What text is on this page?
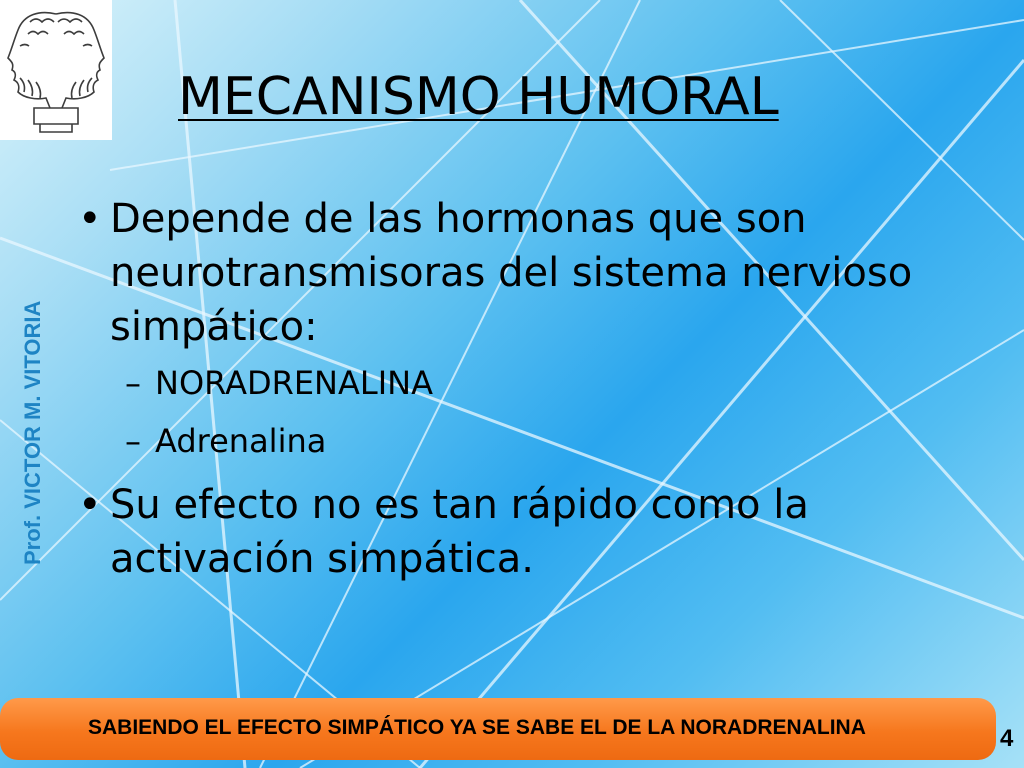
MECANISMO HUMORAL
Prof. VICTOR M. VITORIA
• Depende de las hormonas que son neurotransmisoras del sistema nervioso simpático:
– NORADRENALINA
– Adrenalina
• Su efecto no es tan rápido como la activación simpática.
SABIENDO EL EFECTO SIMPÁTICO YA SE SABE EL DE LA NORADRENALINA	4
